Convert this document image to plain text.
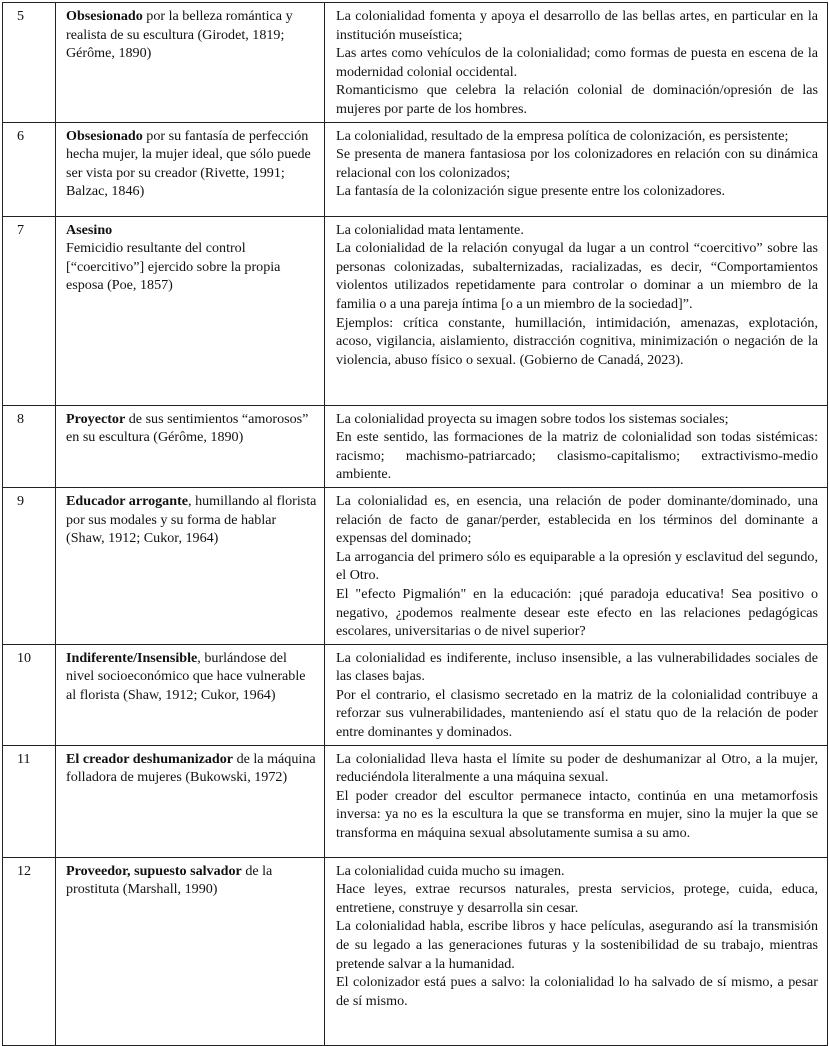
5	Obsesionado por la belleza romántica y realista de su escultura (Girodet, 1819; Gérôme, 1890)	La colonialidad fomenta y apoya el desarrollo de las bellas artes, en particular en la institución museística;
Las artes como vehículos de la colonialidad; como formas de puesta en escena de la modernidad colonial occidental.
Romanticismo que celebra la relación colonial de dominación/opresión de las mujeres por parte de los hombres.

6	Obsesionado por su fantasía de perfección hecha mujer, la mujer ideal, que sólo puede ser vista por su creador (Rivette, 1991; Balzac, 1846)	La colonialidad, resultado de la empresa política de colonización, es persistente;
Se presenta de manera fantasiosa por los colonizadores en relación con su dinámica relacional con los colonizados;
La fantasía de la colonización sigue presente entre los colonizadores.

7	Asesino
Femicidio resultante del control [“coercitivo”] ejercido sobre la propia esposa (Poe, 1857)	La colonialidad mata lentamente.
La colonialidad de la relación conyugal da lugar a un control “coercitivo” sobre las personas colonizadas, subalternizadas, racializadas, es decir, “Comportamientos violentos utilizados repetidamente para controlar o dominar a un miembro de la familia o a una pareja íntima [o a un miembro de la sociedad]”.
Ejemplos: crítica constante, humillación, intimidación, amenazas, explotación, acoso, vigilancia, aislamiento, distracción cognitiva, minimización o negación de la violencia, abuso físico o sexual. (Gobierno de Canadá, 2023).

8	Proyector de sus sentimientos “amorosos” en su escultura (Gérôme, 1890)	La colonialidad proyecta su imagen sobre todos los sistemas sociales;
En este sentido, las formaciones de la matriz de colonialidad son todas sistémicas: racismo; machismo-patriarcado; clasismo-capitalismo; extractivismo-medio ambiente.

9	Educador arrogante, humillando al florista por sus modales y su forma de hablar (Shaw, 1912; Cukor, 1964)	La colonialidad es, en esencia, una relación de poder dominante/dominado, una relación de facto de ganar/perder, establecida en los términos del dominante a expensas del dominado;
La arrogancia del primero sólo es equiparable a la opresión y esclavitud del segundo, el Otro.
El "efecto Pigmalión" en la educación: ¡qué paradoja educativa! Sea positivo o negativo, ¿podemos realmente desear este efecto en las relaciones pedagógicas escolares, universitarias o de nivel superior?

10	Indiferente/Insensible, burlándose del nivel socioeconómico que hace vulnerable al florista (Shaw, 1912; Cukor, 1964)	La colonialidad es indiferente, incluso insensible, a las vulnerabilidades sociales de las clases bajas.
Por el contrario, el clasismo secretado en la matriz de la colonialidad contribuye a reforzar sus vulnerabilidades, manteniendo así el statu quo de la relación de poder entre dominantes y dominados.

11	El creador deshumanizador de la máquina folladora de mujeres (Bukowski, 1972)	La colonialidad lleva hasta el límite su poder de deshumanizar al Otro, a la mujer, reduciéndola literalmente a una máquina sexual.
El poder creador del escultor permanece intacto, continúa en una metamorfosis inversa: ya no es la escultura la que se transforma en mujer, sino la mujer la que se transforma en máquina sexual absolutamente sumisa a su amo.

12	Proveedor, supuesto salvador de la prostituta (Marshall, 1990)	La colonialidad cuida mucho su imagen.
Hace leyes, extrae recursos naturales, presta servicios, protege, cuida, educa, entretiene, construye y desarrolla sin cesar.
La colonialidad habla, escribe libros y hace películas, asegurando así la transmisión de su legado a las generaciones futuras y la sostenibilidad de su trabajo, mientras pretende salvar a la humanidad.
El colonizador está pues a salvo: la colonialidad lo ha salvado de sí mismo, a pesar de sí mismo.
